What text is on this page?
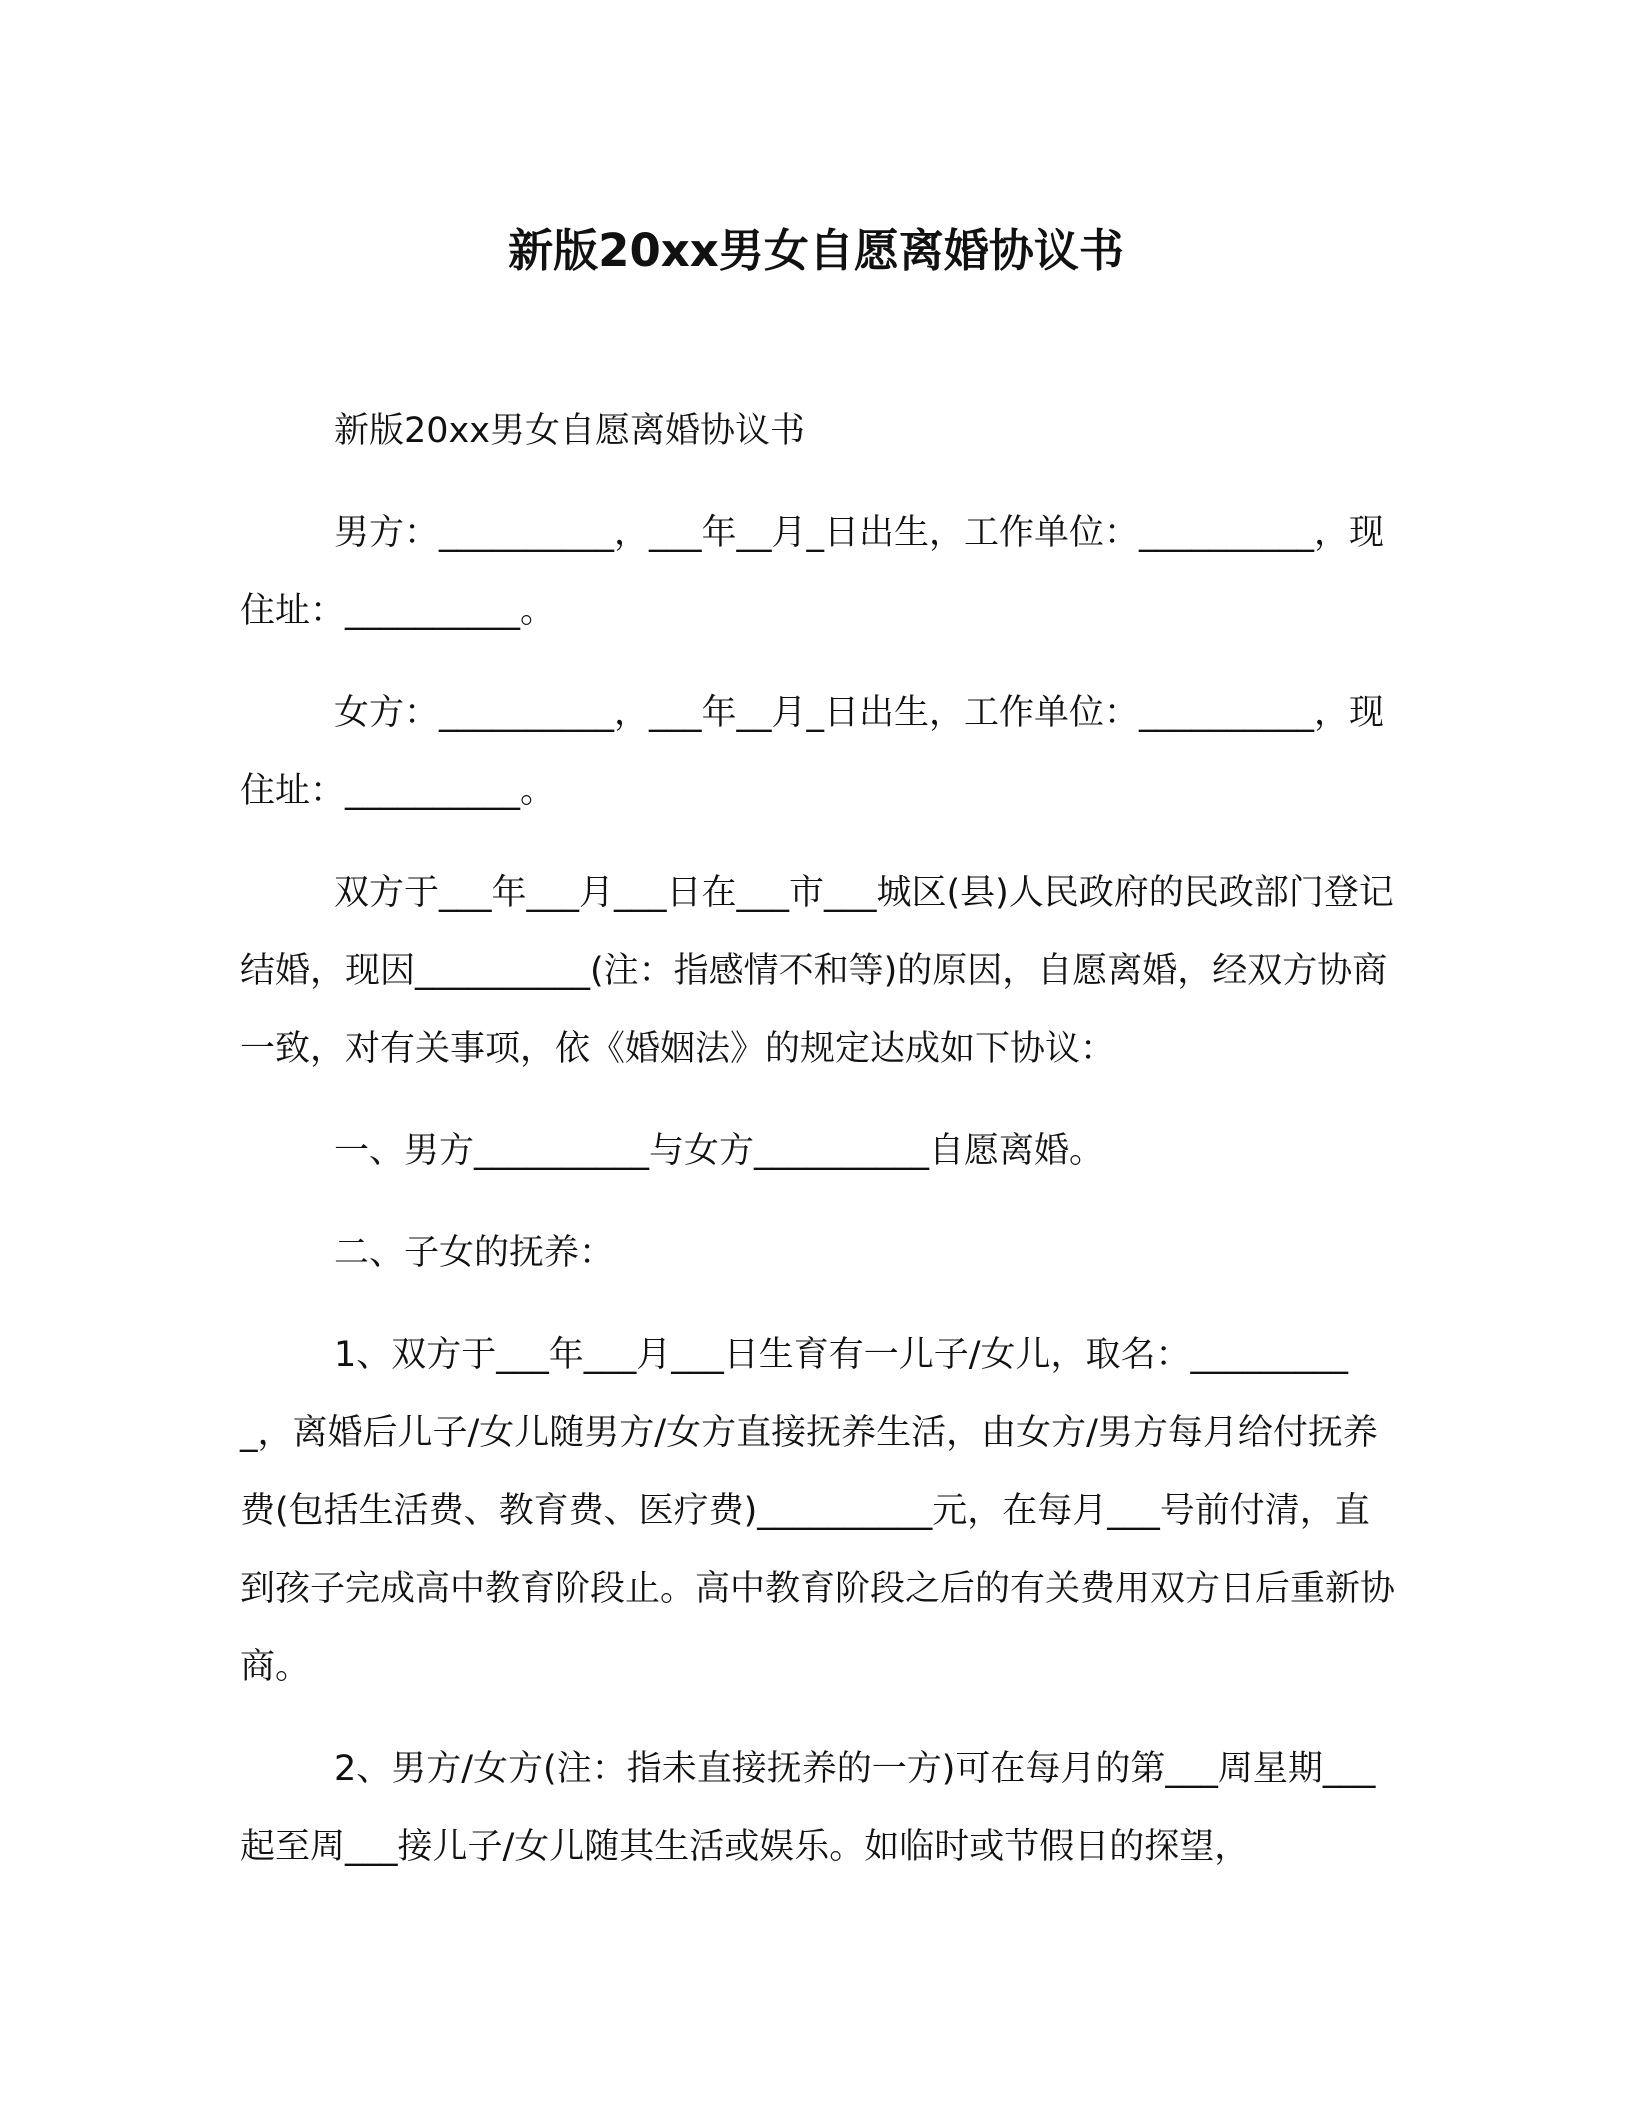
新版20xx男女自愿离婚协议书

新版20xx男女自愿离婚协议书

男方：__________，___年__月_日出生，工作单位：__________，现住址：__________。

女方：__________，___年__月_日出生，工作单位：__________，现住址：__________。

双方于___年___月___日在___市___城区(县)人民政府的民政部门登记结婚，现因__________(注：指感情不和等)的原因，自愿离婚，经双方协商一致，对有关事项，依《婚姻法》的规定达成如下协议：

一、男方__________与女方__________自愿离婚。

二、子女的抚养：

1、双方于___年___月___日生育有一儿子/女儿，取名：__________，离婚后儿子/女儿随男方/女方直接抚养生活，由女方/男方每月给付抚养费(包括生活费、教育费、医疗费)__________元，在每月___号前付清，直到孩子完成高中教育阶段止。高中教育阶段之后的有关费用双方日后重新协商。

2、男方/女方(注：指未直接抚养的一方)可在每月的第___周星期___起至周___接儿子/女儿随其生活或娱乐。如临时或节假日的探望，
